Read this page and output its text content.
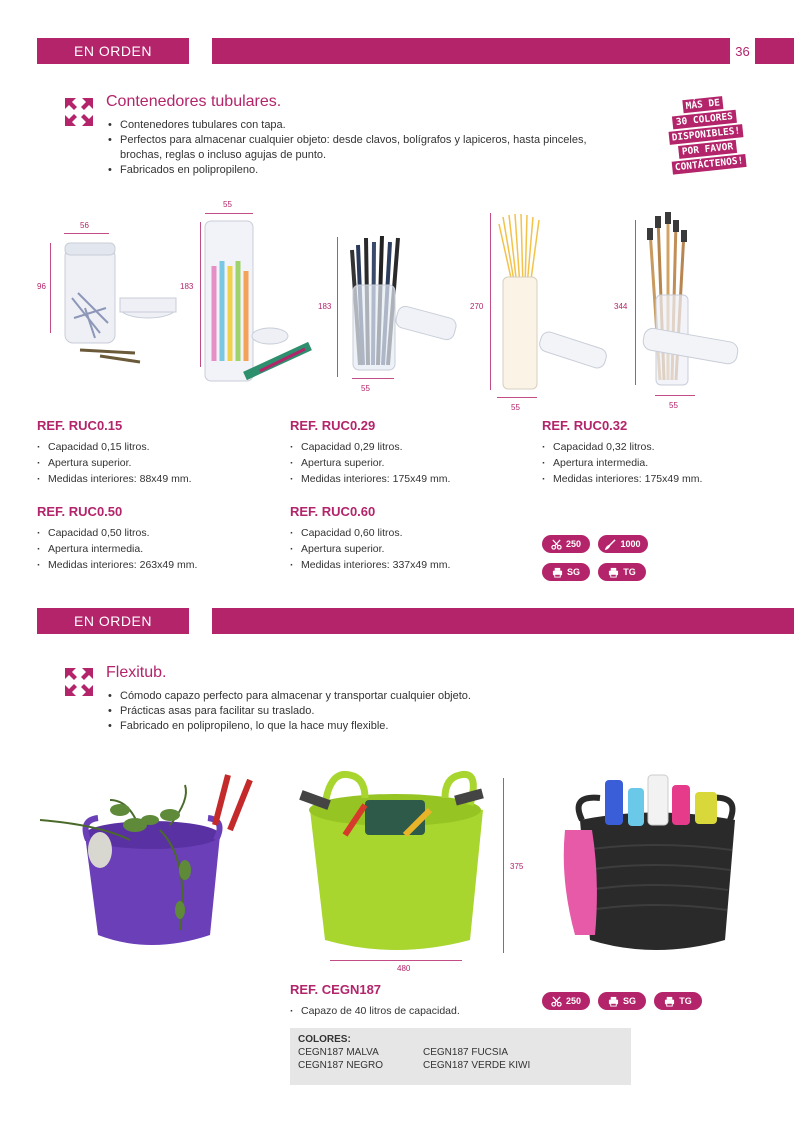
EN ORDEN	36
Contenedores tubulares.
• Contenedores tubulares con tapa.
• Perfectos para almacenar cualquier objeto: desde clavos, bolígrafos y lapiceros, hasta pinceles, brochas, reglas o incluso agujas de punto.
• Fabricados en polipropileno.
MÁS DE
30 COLORES
DISPONIBLES!
POR FAVOR
CONTÁCTENOS!
56
96
55
183
183
55
270
55
344
55
REF. RUC0.15
· Capacidad 0,15 litros.
· Apertura superior.
· Medidas interiores: 88x49 mm.
REF. RUC0.29
· Capacidad 0,29 litros.
· Apertura superior.
· Medidas interiores: 175x49 mm.
REF. RUC0.32
· Capacidad 0,32 litros.
· Apertura intermedia.
· Medidas interiores: 175x49 mm.
REF. RUC0.50
· Capacidad 0,50 litros.
· Apertura intermedia.
· Medidas interiores: 263x49 mm.
REF. RUC0.60
· Capacidad 0,60 litros.
· Apertura superior.
· Medidas interiores: 337x49 mm.
250	1000
SG	TG
EN ORDEN
Flexitub.
• Cómodo capazo perfecto para almacenar y transportar cualquier objeto.
• Prácticas asas para facilitar su traslado.
• Fabricado en polipropileno, lo que la hace muy flexible.
375
480
REF. CEGN187
· Capazo de 40 litros de capacidad.
COLORES:
CEGN187 MALVA	CEGN187 FUCSIA
CEGN187 NEGRO	CEGN187 VERDE KIWI
250	SG	TG
